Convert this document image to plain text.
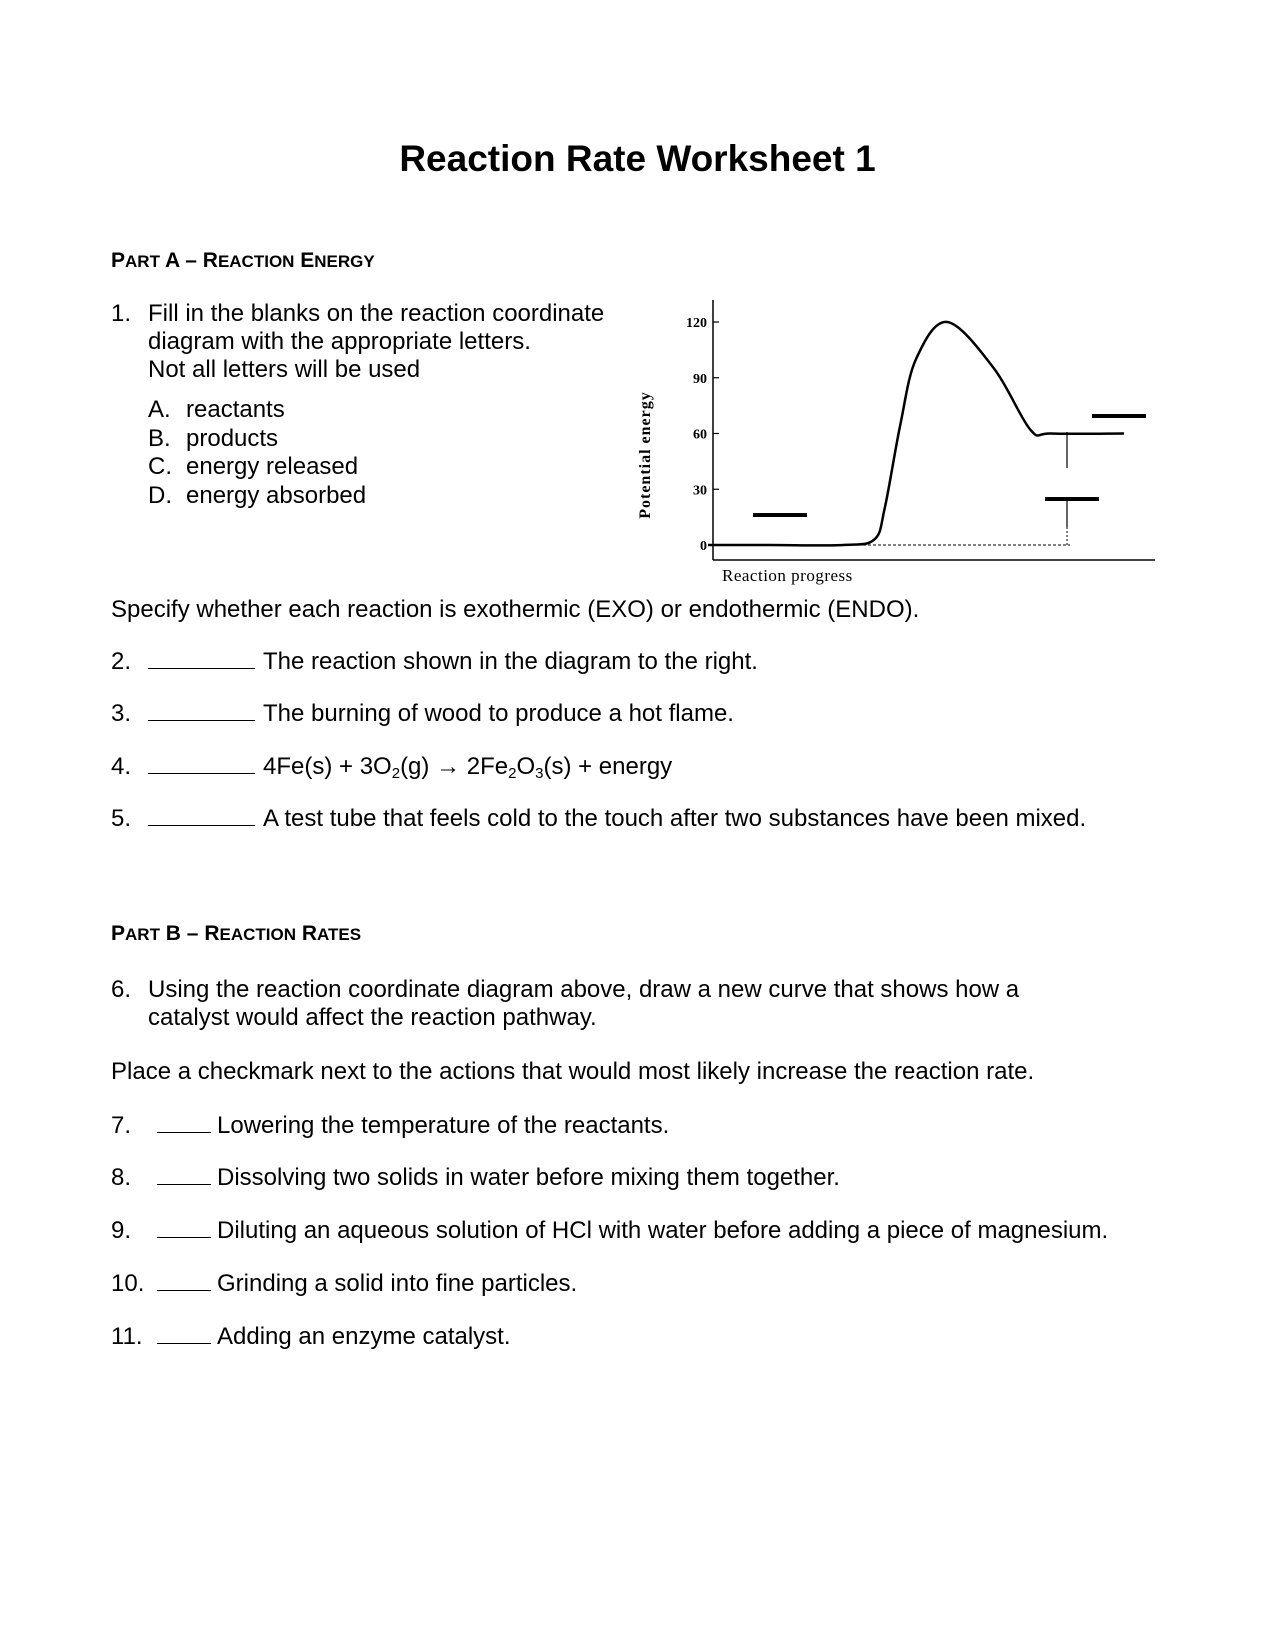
Reaction Rate Worksheet 1
PART A – REACTION ENERGY
1. Fill in the blanks on the reaction coordinate
diagram with the appropriate letters.
Not all letters will be used
A. reactants
B. products
C. energy released
D. energy absorbed
0
30
60
90
120
Potential energy
Reaction progress
Specify whether each reaction is exothermic (EXO) or endothermic (ENDO).
2.	The reaction shown in the diagram to the right.
3.	The burning of wood to produce a hot flame.
4.	$4Fe(s) + 3O_2(g) \to 2Fe_2O_3(s)$ + energy
5.	A test tube that feels cold to the touch after two substances have been mixed.
PART B – REACTION RATES
6. Using the reaction coordinate diagram above, draw a new curve that shows how a
catalyst would affect the reaction pathway.
Place a checkmark next to the actions that would most likely increase the reaction rate.
7.	Lowering the temperature of the reactants.
8.	Dissolving two solids in water before mixing them together.
9.	Diluting an aqueous solution of HCl with water before adding a piece of magnesium.
10.	Grinding a solid into fine particles.
11.	Adding an enzyme catalyst.
